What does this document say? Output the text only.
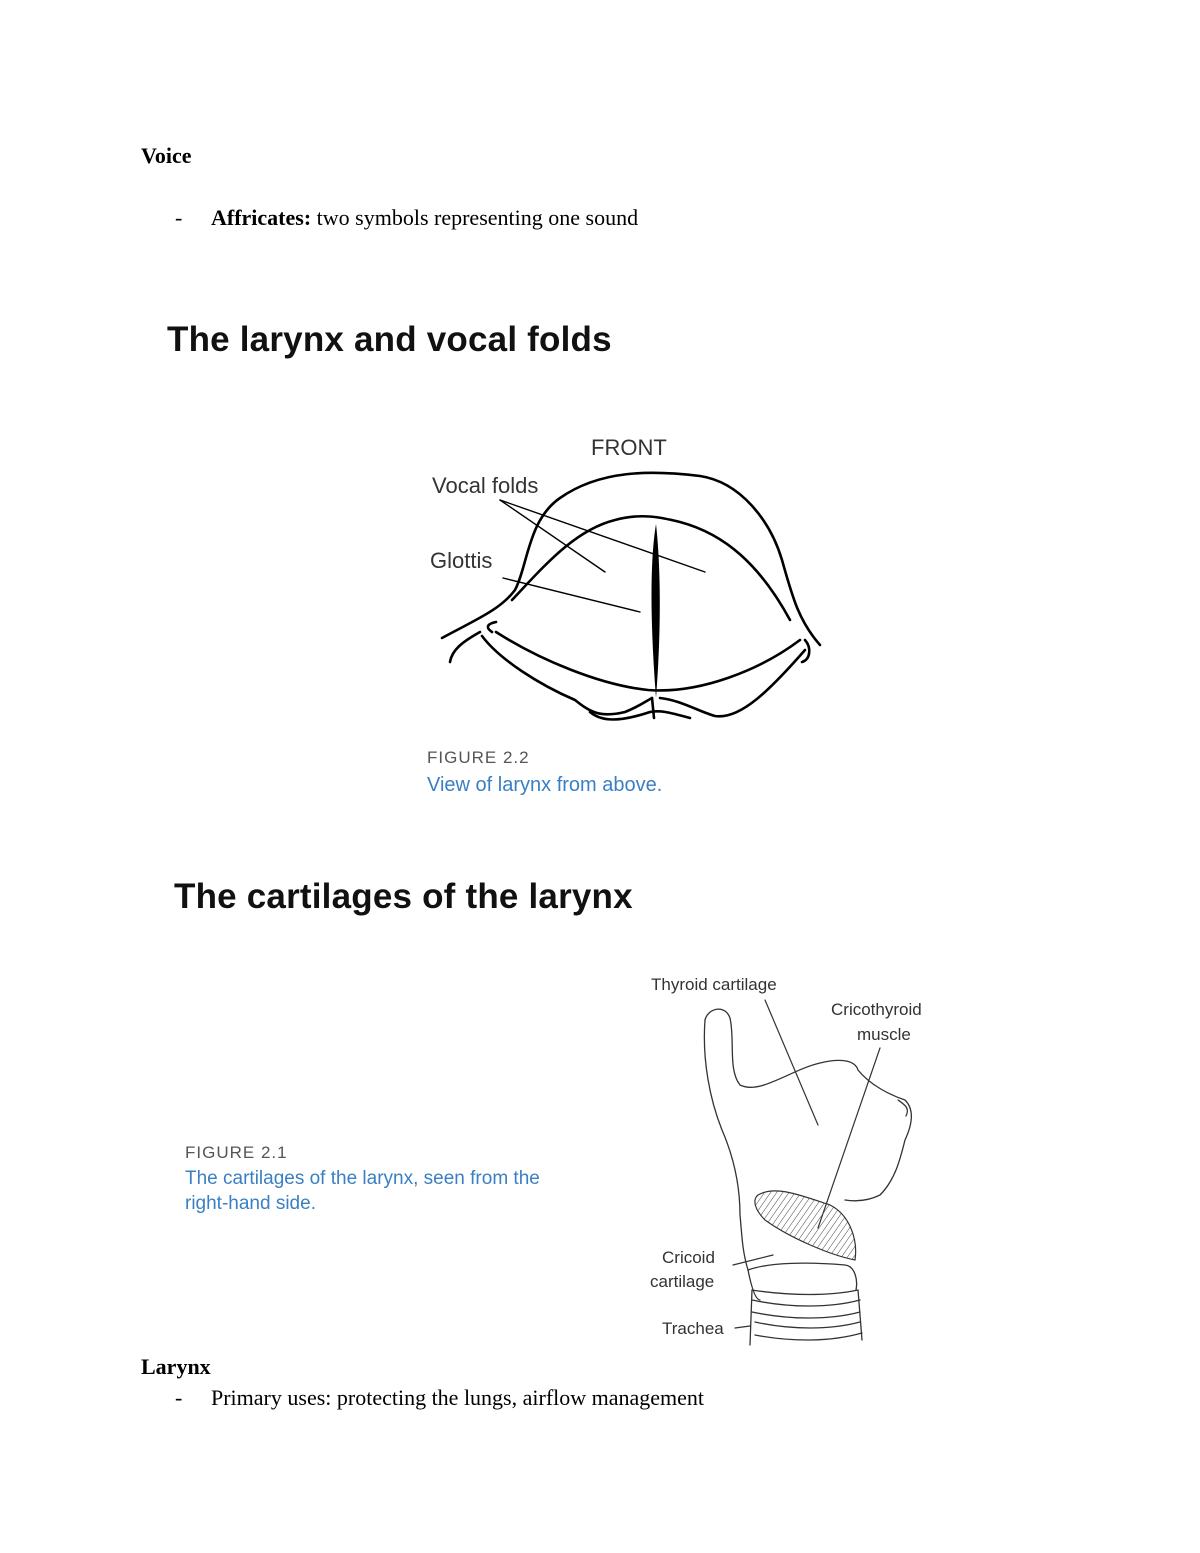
Voice
-	Affricates: two symbols representing one sound
The larynx and vocal folds
FRONT
Vocal folds
Glottis
FIGURE 2.2
View of larynx from above.
The cartilages of the larynx
FIGURE 2.1
The cartilages of the larynx, seen from the
right-hand side.
Thyroid cartilage
Cricothyroid
muscle
Cricoid
cartilage
Trachea
Larynx
-	Primary uses: protecting the lungs, airflow management
